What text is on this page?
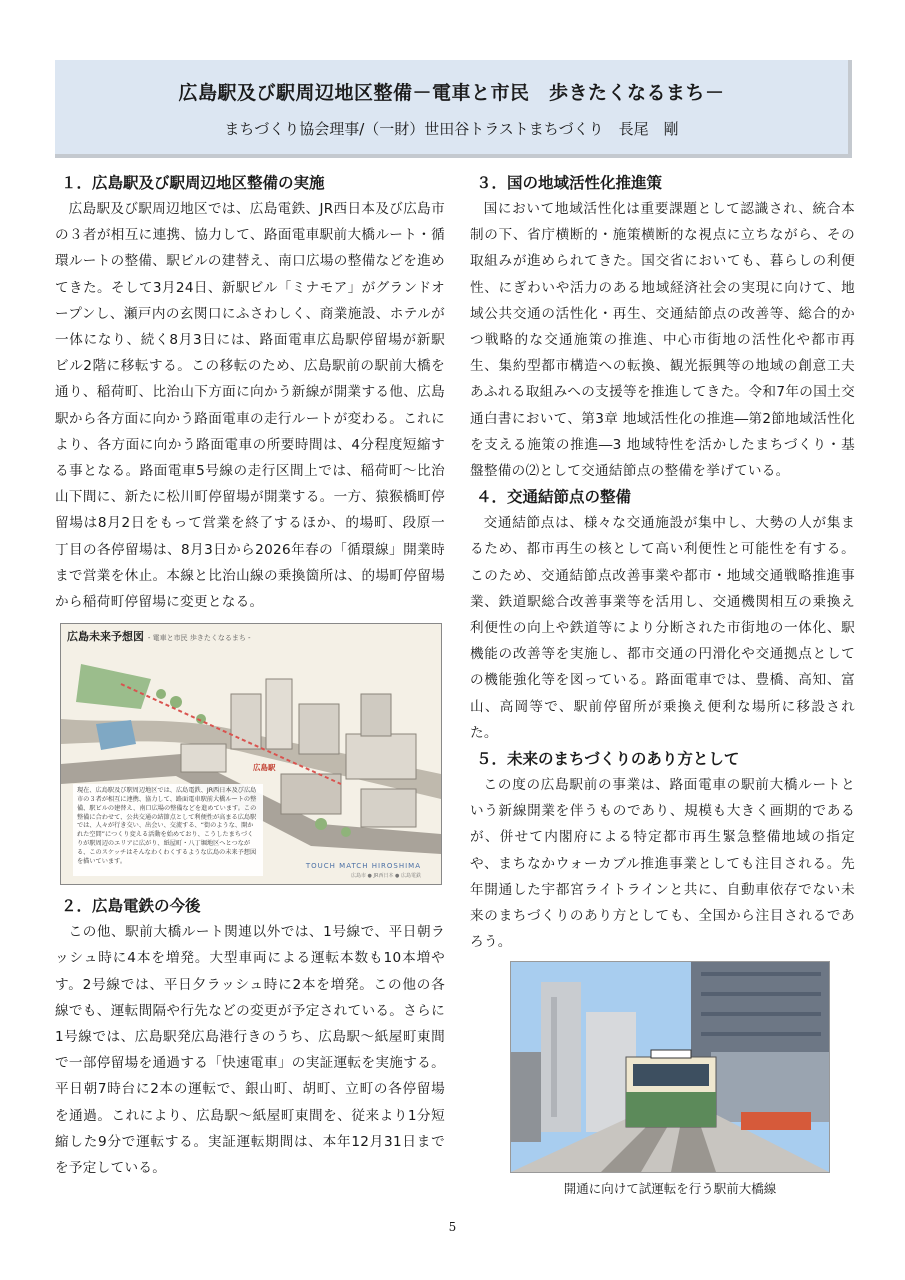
広島駅及び駅周辺地区整備－電車と市民　歩きたくなるまち－
まちづくり協会理事/（一財）世田谷トラストまちづくり　長尾　剛
１．広島駅及び駅周辺地区整備の実施

広島駅及び駅周辺地区では、広島電鉄、JR西日本及び広島市の３者が相互に連携、協力して、路面電車駅前大橋ルート・循環ルートの整備、駅ビルの建替え、南口広場の整備などを進めてきた。そして3月24日、新駅ビル「ミナモア」がグランドオープンし、瀬戸内の玄関口にふさわしく、商業施設、ホテルが一体になり、続く8月3日には、路面電車広島駅停留場が新駅ビル2階に移転する。この移転のため、広島駅前の駅前大橋を通り、稲荷町、比治山下方面に向かう新線が開業する他、広島駅から各方面に向かう路面電車の走行ルートが変わる。これにより、各方面に向かう路面電車の所要時間は、4分程度短縮する事となる。路面電車5号線の走行区間上では、稲荷町～比治山下間に、新たに松川町停留場が開業する。一方、猿猴橋町停留場は8月2日をもって営業を終了するほか、的場町、段原一丁目の各停留場は、8月3日から2026年春の「循環線」開業時まで営業を休止。本線と比治山線の乗換箇所は、的場町停留場から稲荷町停留場に変更となる。

広島未来予想図 - 電車と市民 歩きたくなるまち -
広島駅
現在、広島駅及び駅周辺地区では、広島電鉄、JR西日本及び広島市の３者が相互に連携、協力して、路面電車駅前大橋ルートの整備、駅ビルの建替え、南口広場の整備などを進めています。この整備に合わせて、公共交通の結節点として利便性が高まる広島駅では、人々が行き交い、出会い、交流する、“街のような、開かれた空間”につくり変える活動を始めており、こうしたまちづくりが駅周辺のエリアに広がり、紙屋町・八丁堀地区へとつながる、このスケッチはそんなわくわくするような広島の未来予想図を描いています。
TOUCH MATCH HIROSHIMA
広島市 ● JR西日本 ● 広島電鉄
２．広島電鉄の今後

この他、駅前大橋ルート関連以外では、1号線で、平日朝ラッシュ時に4本を増発。大型車両による運転本数も10本増やす。2号線では、平日夕ラッシュ時に2本を増発。この他の各線でも、運転間隔や行先などの変更が予定されている。さらに1号線では、広島駅発広島港行きのうち、広島駅～紙屋町東間で一部停留場を通過する「快速電車」の実証運転を実施する。平日朝7時台に2本の運転で、銀山町、胡町、立町の各停留場を通過。これにより、広島駅～紙屋町東間を、従来より1分短縮した9分で運転する。実証運転期間は、本年12月31日までを予定している。

３．国の地域活性化推進策

国において地域活性化は重要課題として認識され、統合本制の下、省庁横断的・施策横断的な視点に立ちながら、その取組みが進められてきた。国交省においても、暮らしの利便性、にぎわいや活力のある地域経済社会の実現に向けて、地域公共交通の活性化・再生、交通結節点の改善等、総合的かつ戦略的な交通施策の推進、中心市街地の活性化や都市再生、集約型都市構造への転換、観光振興等の地域の創意工夫あふれる取組みへの支援等を推進してきた。令和7年の国土交通白書において、第3章 地域活性化の推進―第2節地域活性化を支える施策の推進―3 地域特性を活かしたまちづくり・基盤整備の⑵として交通結節点の整備を挙げている。

４．交通結節点の整備

交通結節点は、様々な交通施設が集中し、大勢の人が集まるため、都市再生の核として高い利便性と可能性を有する。このため、交通結節点改善事業や都市・地域交通戦略推進事業、鉄道駅総合改善事業等を活用し、交通機関相互の乗換え利便性の向上や鉄道等により分断された市街地の一体化、駅機能の改善等を実施し、都市交通の円滑化や交通拠点としての機能強化等を図っている。路面電車では、豊橋、高知、富山、高岡等で、駅前停留所が乗換え便利な場所に移設された。

５．未来のまちづくりのあり方として

この度の広島駅前の事業は、路面電車の駅前大橋ルートという新線開業を伴うものであり、規模も大きく画期的であるが、併せて内閣府による特定都市再生緊急整備地域の指定や、まちなかウォーカブル推進事業としても注目される。先年開通した宇都宮ライトラインと共に、自動車依存でない未来のまちづくりのあり方としても、全国から注目されるであろう。

開通に向けて試運転を行う駅前大橋線
5
